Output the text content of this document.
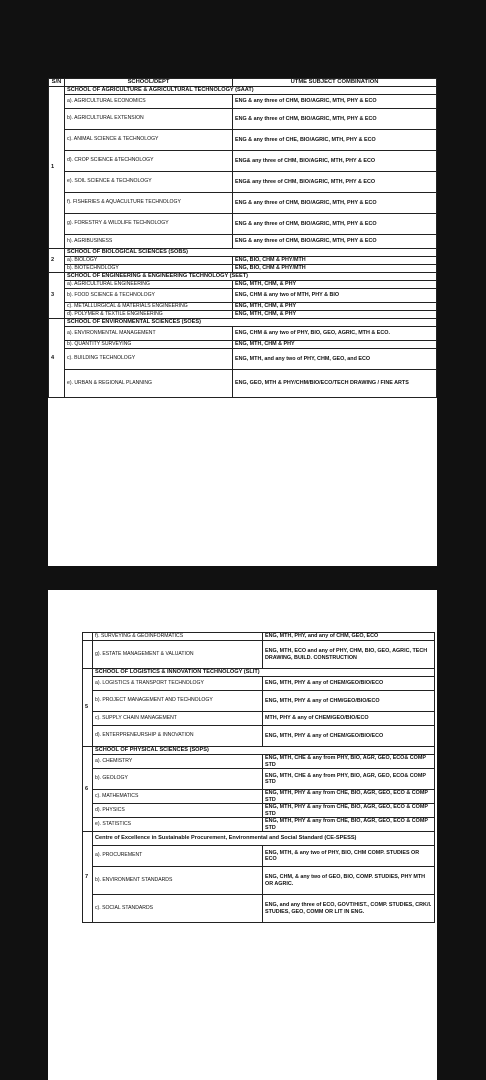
S/N	SCHOOL/DEPT	UTME SUBJECT COMBINATION
1	SCHOOL OF AGRICULTURE & AGRICULTURAL TECHNOLOGY (SAAT)	
	a). AGRICULTURAL ECONOMICS	ENG & any three of CHM, BIO/AGRIC, MTH, PHY & ECO
	b). AGRICULTURAL EXTENSION	ENG & any three of CHM, BIO/AGRIC, MTH, PHY & ECO
	c). ANIMAL SCIENCE & TECHNOLOGY	ENG & any three of CHE, BIO/AGRIC, MTH, PHY & ECO
	d). CROP SCIENCE &TECHNOLOGY	ENG& any three of CHM, BIO/AGRIC, MTH, PHY & ECO
	e). SOIL SCIENCE & TECHNOLOGY	ENG& any three of CHM, BIO/AGRIC, MTH, PHY & ECO
	f). FISHERIES & AQUACULTURE TECHNOLOGY	ENG & any three of CHM, BIO/AGRIC, MTH, PHY & ECO
	g). FORESTRY & WILDLIFE TECHNOLOGY	ENG & any three of CHM, BIO/AGRIC, MTH, PHY & ECO
	h). AGRIBUSINESS	ENG & any three of CHM, BIO/AGRIC, MTH, PHY & ECO
2	SCHOOL OF BIOLOGICAL SCIENCES (SOBS)	
	a). BIOLOGY	ENG, BIO, CHM & PHY/MTH
	b). BIOTECHNOLOGY	ENG, BIO, CHM & PHY/MTH
3	SCHOOL OF ENGINEERING & ENGINEERING TECHNOLOGY (SEET)	
	a). AGRICULTURAL ENGINEERING	ENG, MTH, CHM, & PHY
	b). FOOD SCIENCE & TECHNOLOGY	ENG, CHM & any two of MTH, PHY & BIO
	c). METALLURGICAL & MATERIALS ENGINEERING	ENG, MTH, CHM, & PHY
	d). POLYMER & TEXTILE ENGINEERING	ENG, MTH, CHM, & PHY
4	SCHOOL OF ENVIRONMENTAL SCIENCES (SOES)	
	a). ENVIRONMENTAL MANAGEMENT	ENG, CHM & any two of PHY, BIO, GEO, AGRIC, MTH & ECO.
	b). QUANTITY SURVEYING	ENG, MTH, CHM & PHY
	c). BUILDING TECHNOLOGY	ENG, MTH, and any two of PHY, CHM, GEO, and ECO
	e). URBAN & REGIONAL PLANNING	ENG, GEO, MTH & PHY/CHM/BIO/ECO/TECH DRAWING / FINE ARTS
	f). SURVEYING & GEOINFORMATICS	ENG, MTH, PHY, and any of CHM, GEO, ECO
	g). ESTATE MANAGEMENT & VALUATION	ENG, MTH, ECO and any of PHY, CHM, BIO, GEO, AGRIC, TECH DRAWING, BUILD. CONSTRUCTION
5	SCHOOL OF LOGISTICS & INNOVATION TECHNOLOGY (SLIT)	
	a). LOGISTICS & TRANSPORT TECHNOLOGY	ENG, MTH, PHY & any of CHEM/GEO/BIO/ECO
	b). PROJECT MANAGEMENT AND TECHNOLOGY	ENG, MTH, PHY & any of CHM/GEO/BIO/ECO
	c). SUPPLY CHAIN MANAGEMENT	MTH, PHY & any of CHEM/GEO/BIO/ECO
	d). ENTERPRENEURSHIP & INNOVATION	ENG, MTH, PHY & any of CHEM/GEO/BIO/ECO
6	SCHOOL OF PHYSICAL SCIENCES (SOPS)	
	a). CHEMISTRY	ENG, MTH, CHE & any from PHY, BIO, AGR, GEO, ECO& COMP STD
	b). GEOLOGY	ENG, MTH, CHE & any from PHY, BIO, AGR, GEO, ECO& COMP STD
	c). MATHEMATICS	ENG, MTH, PHY & any from CHE, BIO, AGR, GEO, ECO & COMP STD
	d). PHYSICS	ENG, MTH, PHY & any from CHE, BIO, AGR, GEO, ECO & COMP STD
	e). STATISTICS	ENG, MTH, PHY & any from CHE, BIO, AGR, GEO, ECO & COMP STD
7	Centre of Excellence in Sustainable Procurement, Environmental and Social Standard (CE-SPESS)	
	a). PROCUREMENT	ENG, MTH, & any two of PHY, BIO, CHM COMP. STUDIES OR ECO
	b). ENVIRONMENT STANDARDS	ENG, CHM, & any two of GEO, BIO, COMP. STUDIES, PHY MTH OR AGRIC.
	c). SOCIAL STANDARDS	ENG, and any three of ECO, GOVT/HIST., COMP. STUDIES, CRK/I. STUDIES, GEO, COMM OR LIT IN ENG.
